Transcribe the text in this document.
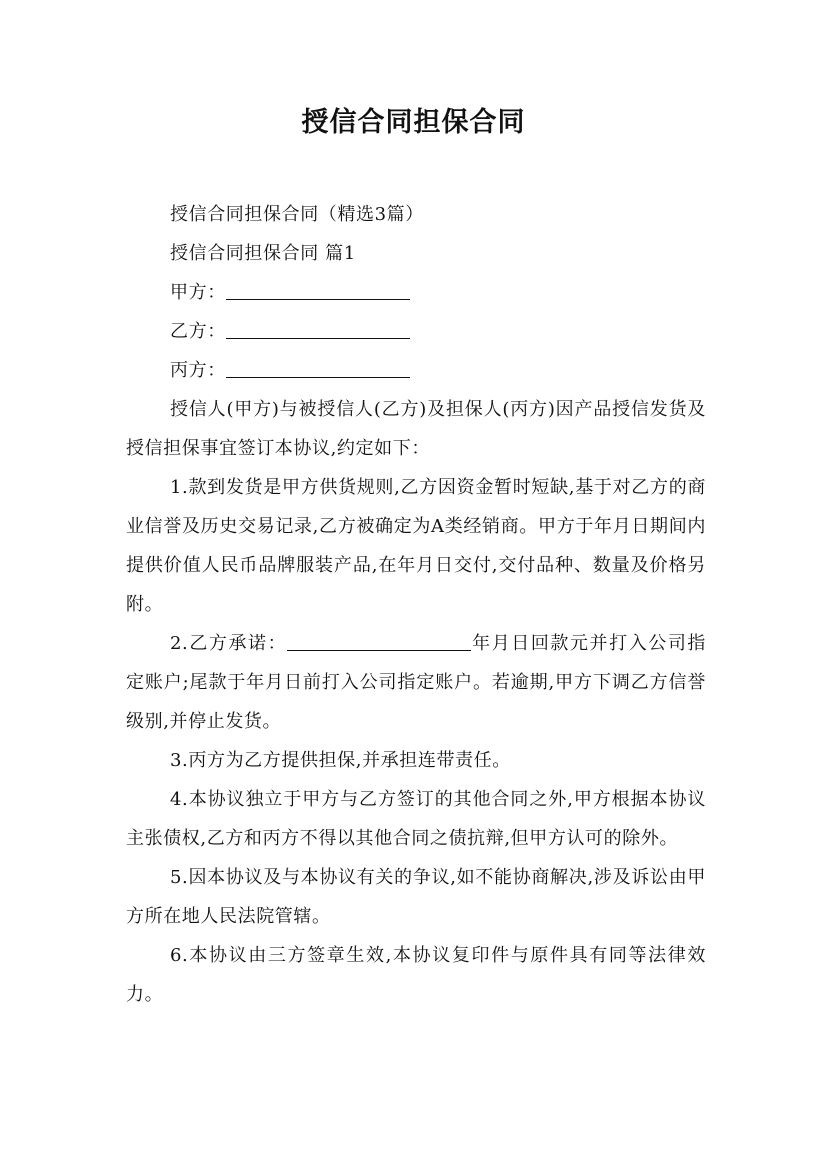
授信合同担保合同

授信合同担保合同（精选3篇）

授信合同担保合同 篇1

甲方：

乙方：

丙方：

授信人(甲方)与被授信人(乙方)及担保人(丙方)因产品授信发货及授信担保事宜签订本协议,约定如下：

1.款到发货是甲方供货规则,乙方因资金暂时短缺,基于对乙方的商业信誉及历史交易记录,乙方被确定为A类经销商。甲方于年月日期间内提供价值人民币品牌服装产品,在年月日交付,交付品种、数量及价格另附。

2.乙方承诺：	年月日回款元并打入公司指定账户;尾款于年月日前打入公司指定账户。若逾期,甲方下调乙方信誉级别,并停止发货。

3.丙方为乙方提供担保,并承担连带责任。

4.本协议独立于甲方与乙方签订的其他合同之外,甲方根据本协议主张债权,乙方和丙方不得以其他合同之债抗辩,但甲方认可的除外。

5.因本协议及与本协议有关的争议,如不能协商解决,涉及诉讼由甲方所在地人民法院管辖。

6.本协议由三方签章生效,本协议复印件与原件具有同等法律效力。
